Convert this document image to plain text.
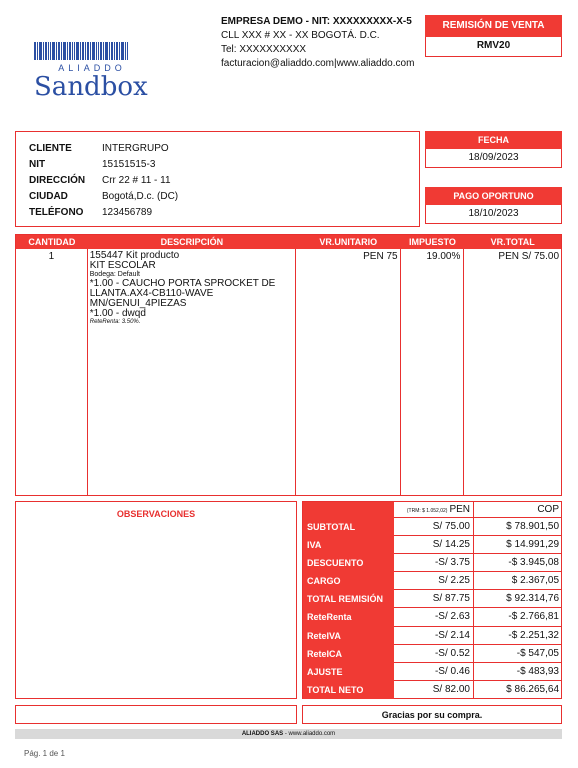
ALIADDO
Sandbox
EMPRESA DEMO - NIT: XXXXXXXXX-X-5
CLL XXX # XX - XX BOGOTÁ. D.C.
Tel: XXXXXXXXXX
facturacion@aliaddo.com|www.aliaddo.com
REMISIÓN DE VENTA
RMV20
CLIENTE	INTERGRUPO
NIT	15151515-3
DIRECCIÓN	Crr 22 # 11 - 11
CIUDAD	Bogotá,D.c. (DC)
TELÉFONO	123456789
FECHA
18/09/2023
PAGO OPORTUNO
18/10/2023
CANTIDAD	DESCRIPCIÓN	VR.UNITARIO	IMPUESTO	VR.TOTAL
1	155447 Kit producto
KIT ESCOLAR
Bodega: Default
*1.00 - CAUCHO PORTA SPROCKET DE LLANTA.AX4-CB110-WAVE MN/GENUI_4PIEZAS
*1.00 - dwqd
ReteRenta: 3.50%.
PEN 75	19.00%	PEN S/ 75.00
OBSERVACIONES	(TRM: $ 1.052,02) PEN	COP
SUBTOTAL	S/ 75.00	$ 78.901,50
IVA	S/ 14.25	$ 14.991,29
DESCUENTO	-S/ 3.75	-$ 3.945,08
CARGO	S/ 2.25	$ 2.367,05
TOTAL REMISIÓN	S/ 87.75	$ 92.314,76
ReteRenta	-S/ 2.63	-$ 2.766,81
ReteIVA	-S/ 2.14	-$ 2.251,32
ReteICA	-S/ 0.52	-$ 547,05
AJUSTE	-S/ 0.46	-$ 483,93
TOTAL NETO	S/ 82.00	$ 86.265,64
Gracias por su compra.
ALIADDO SAS - www.aliaddo.com
Pág. 1 de 1
